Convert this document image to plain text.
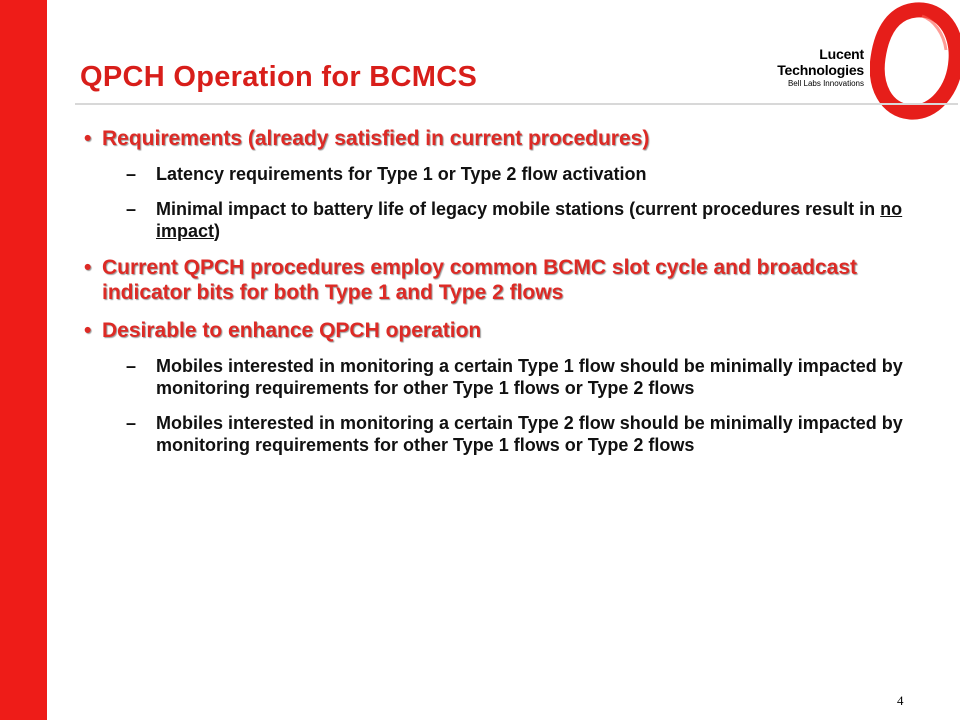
Lucent Technologies
Bell Labs Innovations
QPCH Operation for BCMCS
• Requirements (already satisfied in current procedures)
– Latency requirements for Type 1 or Type 2 flow activation
– Minimal impact to battery life of legacy mobile stations (current procedures result in no impact)
• Current QPCH procedures employ common BCMC slot cycle and broadcast indicator bits for both Type 1 and Type 2 flows
• Desirable to enhance QPCH operation
– Mobiles interested in monitoring a certain Type 1 flow should be minimally impacted by monitoring requirements for other Type 1 flows or Type 2 flows
– Mobiles interested in monitoring a certain Type 2 flow should be minimally impacted by monitoring requirements for other Type 1 flows or Type 2 flows
4
